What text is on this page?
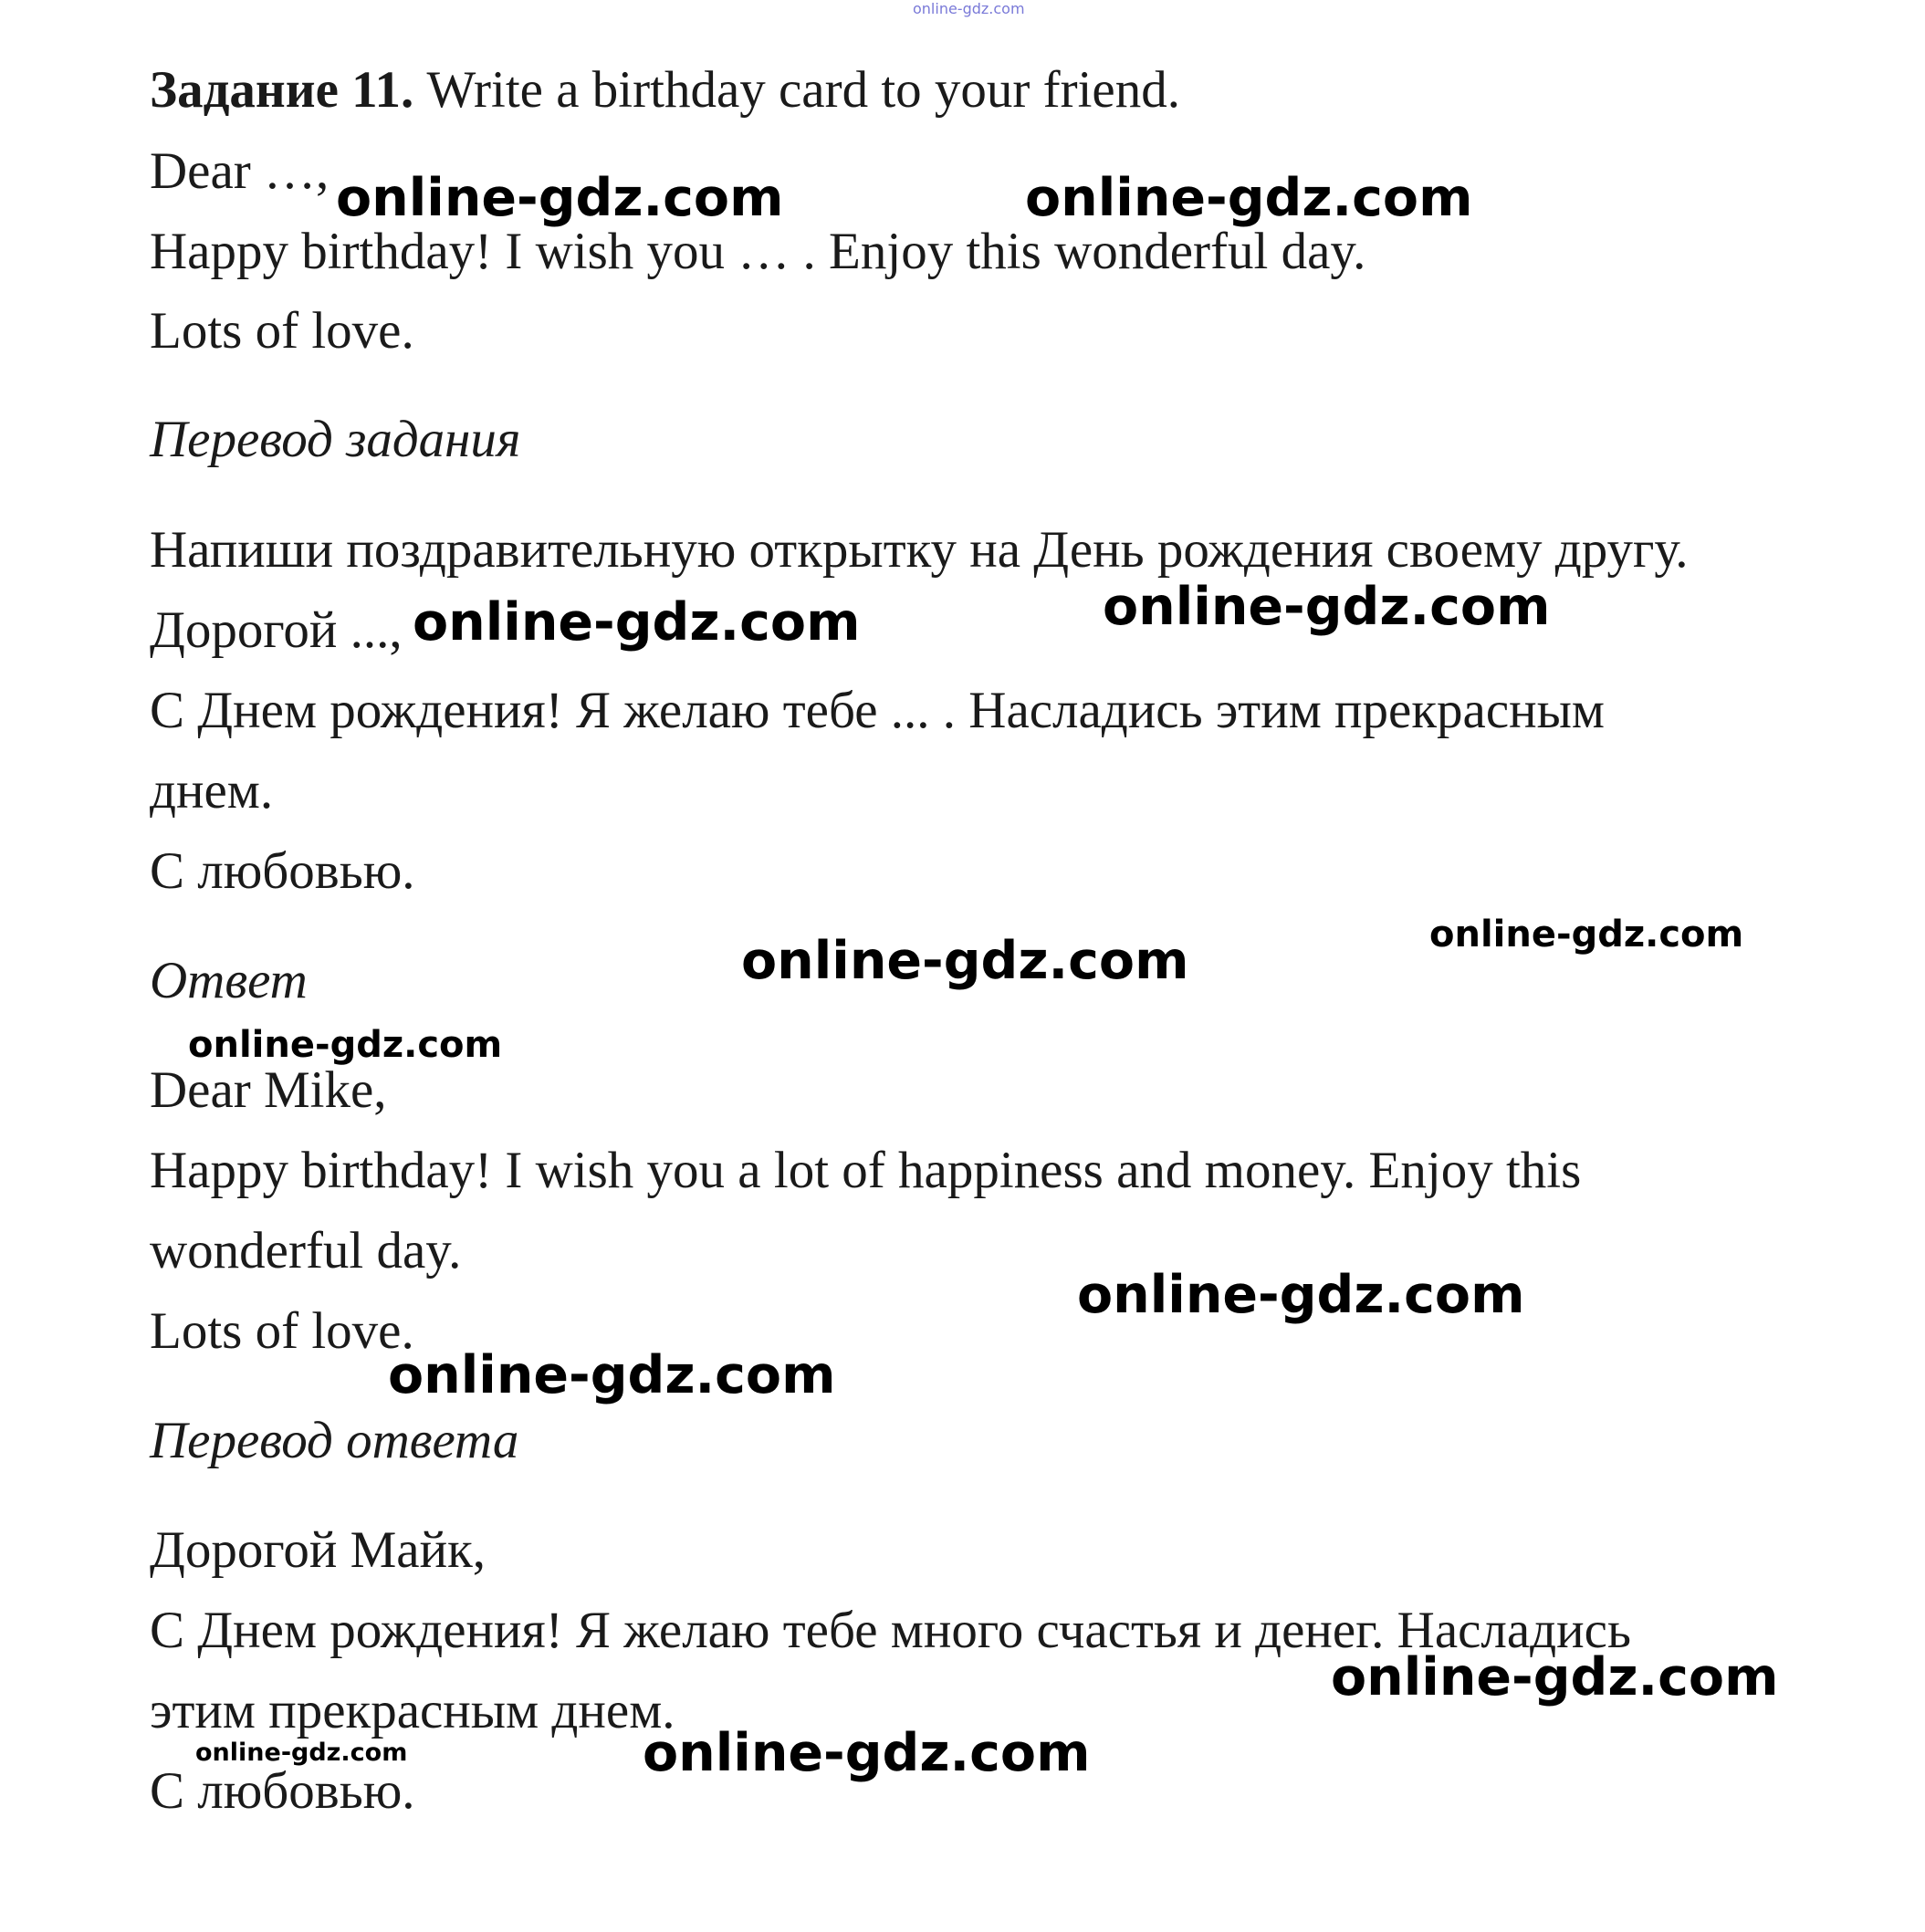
online-gdz.com
Задание 11. Write a birthday card to your friend.
Dear …,
Happy birthday! I wish you … . Enjoy this wonderful day.
Lots of love.
Перевод задания
Напиши поздравительную открытку на День рождения своему другу.
Дорогой ...,
С Днем рождения! Я желаю тебе ... . Насладись этим прекрасным
днем.
С любовью.
Ответ
Dear Mike,
Happy birthday! I wish you a lot of happiness and money. Enjoy this
wonderful day.
Lots of love.
Перевод ответа
Дорогой Майк,
С Днем рождения! Я желаю тебе много счастья и денег. Насладись
этим прекрасным днем.
С любовью.
online-gdz.com	online-gdz.com
online-gdz.com	online-gdz.com
online-gdz.com	online-gdz.com
online-gdz.com
online-gdz.com
online-gdz.com
online-gdz.com
online-gdz.com
online-gdz.com
